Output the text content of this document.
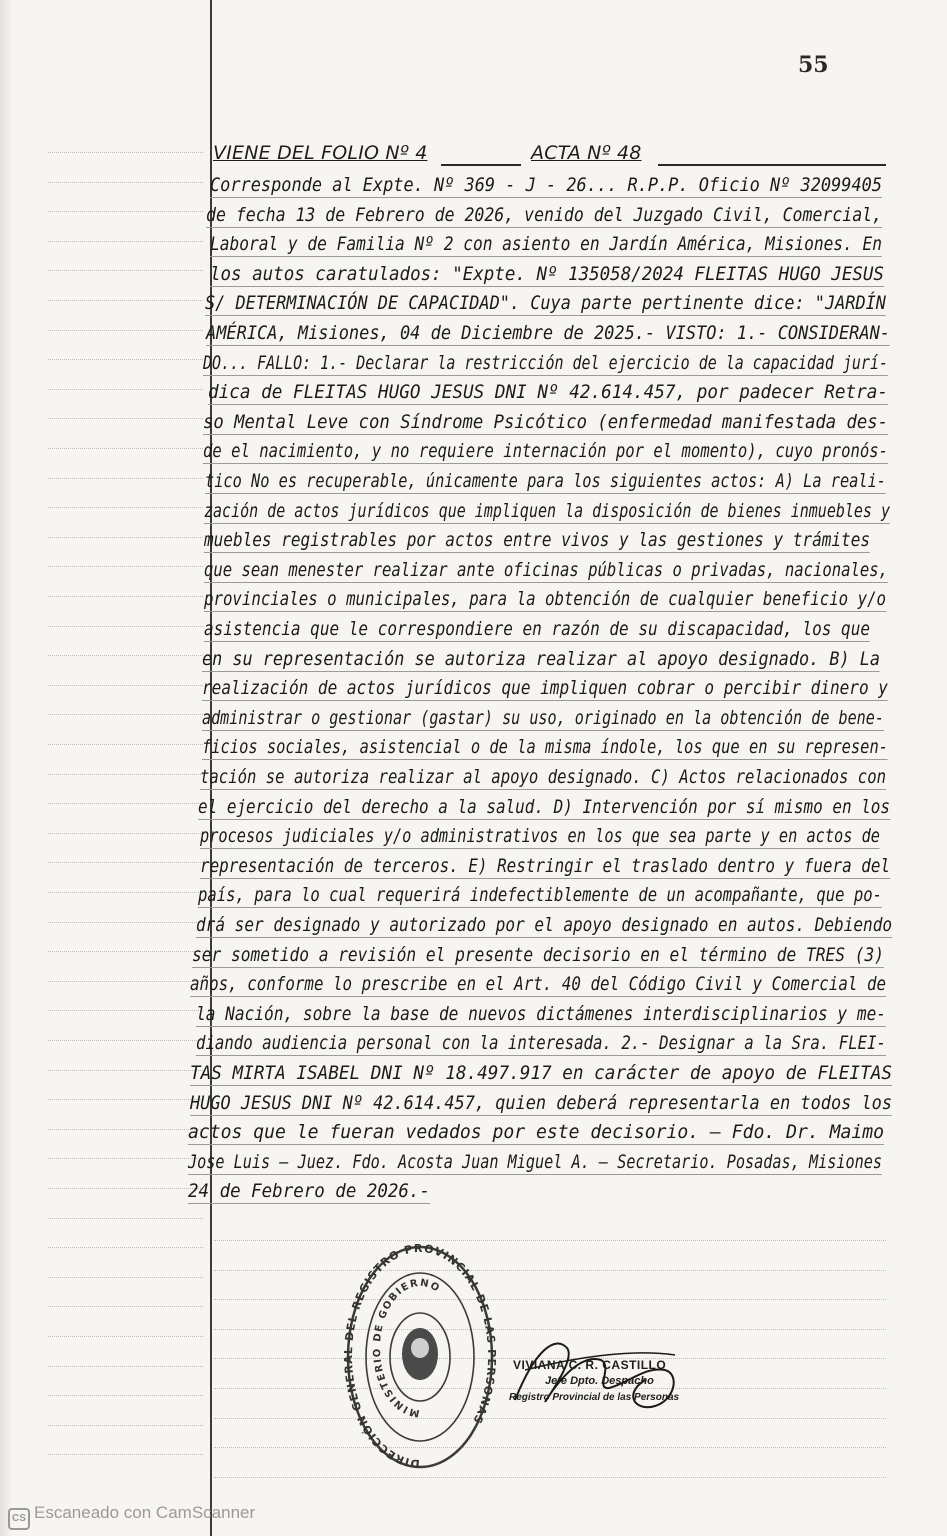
55
VIENE DEL FOLIO Nº 4	ACTA Nº 48
Corresponde al Expte. Nº 369 - J - 26... R.P.P. Oficio Nº 32099405
de fecha 13 de Febrero de 2026, venido del Juzgado Civil, Comercial,
Laboral y de Familia Nº 2 con asiento en Jardín América, Misiones. En
los autos caratulados: "Expte. Nº 135058/2024 FLEITAS HUGO JESUS
S/ DETERMINACIÓN DE CAPACIDAD". Cuya parte pertinente dice: "JARDÍN
AMÉRICA, Misiones, 04 de Diciembre de 2025.- VISTO: 1.- CONSIDERAN-
DO... FALLO: 1.- Declarar la restricción del ejercicio de la capacidad jurí-
dica de FLEITAS HUGO JESUS DNI Nº 42.614.457, por padecer Retra-
so Mental Leve con Síndrome Psicótico (enfermedad manifestada des-
de el nacimiento, y no requiere internación por el momento), cuyo pronós-
tico No es recuperable, únicamente para los siguientes actos: A) La reali-
zación de actos jurídicos que impliquen la disposición de bienes inmuebles y
muebles registrables por actos entre vivos y las gestiones y trámites
que sean menester realizar ante oficinas públicas o privadas, nacionales,
provinciales o municipales, para la obtención de cualquier beneficio y/o
asistencia que le correspondiere en razón de su discapacidad, los que
en su representación se autoriza realizar al apoyo designado. B) La
realización de actos jurídicos que impliquen cobrar o percibir dinero y
administrar o gestionar (gastar) su uso, originado en la obtención de bene-
ficios sociales, asistencial o de la misma índole, los que en su represen-
tación se autoriza realizar al apoyo designado. C) Actos relacionados con
el ejercicio del derecho a la salud. D) Intervención por sí mismo en los
procesos judiciales y/o administrativos en los que sea parte y en actos de
representación de terceros. E) Restringir el traslado dentro y fuera del
país, para lo cual requerirá indefectiblemente de un acompañante, que po-
drá ser designado y autorizado por el apoyo designado en autos. Debiendo
ser sometido a revisión el presente decisorio en el término de TRES (3)
años, conforme lo prescribe en el Art. 40 del Código Civil y Comercial de
la Nación, sobre la base de nuevos dictámenes interdisciplinarios y me-
diando audiencia personal con la interesada. 2.- Designar a la Sra. FLEI-
TAS MIRTA ISABEL DNI Nº 18.497.917 en carácter de apoyo de FLEITAS
HUGO JESUS DNI Nº 42.614.457, quien deberá representarla en todos los
actos que le fueran vedados por este decisorio. — Fdo. Dr. Maimo
Jose Luis — Juez. Fdo. Acosta Juan Miguel A. — Secretario. Posadas, Misiones
24 de Febrero de 2026.-
DIRECCIÓN GENE DEL REGISTRO PROVINCIAL DE LA SONAS
MINISTERIO DE GOBIERNO
VIVIANA C. R. CASTILLO
Jefe Dpto. Despacho
Registro Provincial de las Personas
CS Escaneado con CamScanner
